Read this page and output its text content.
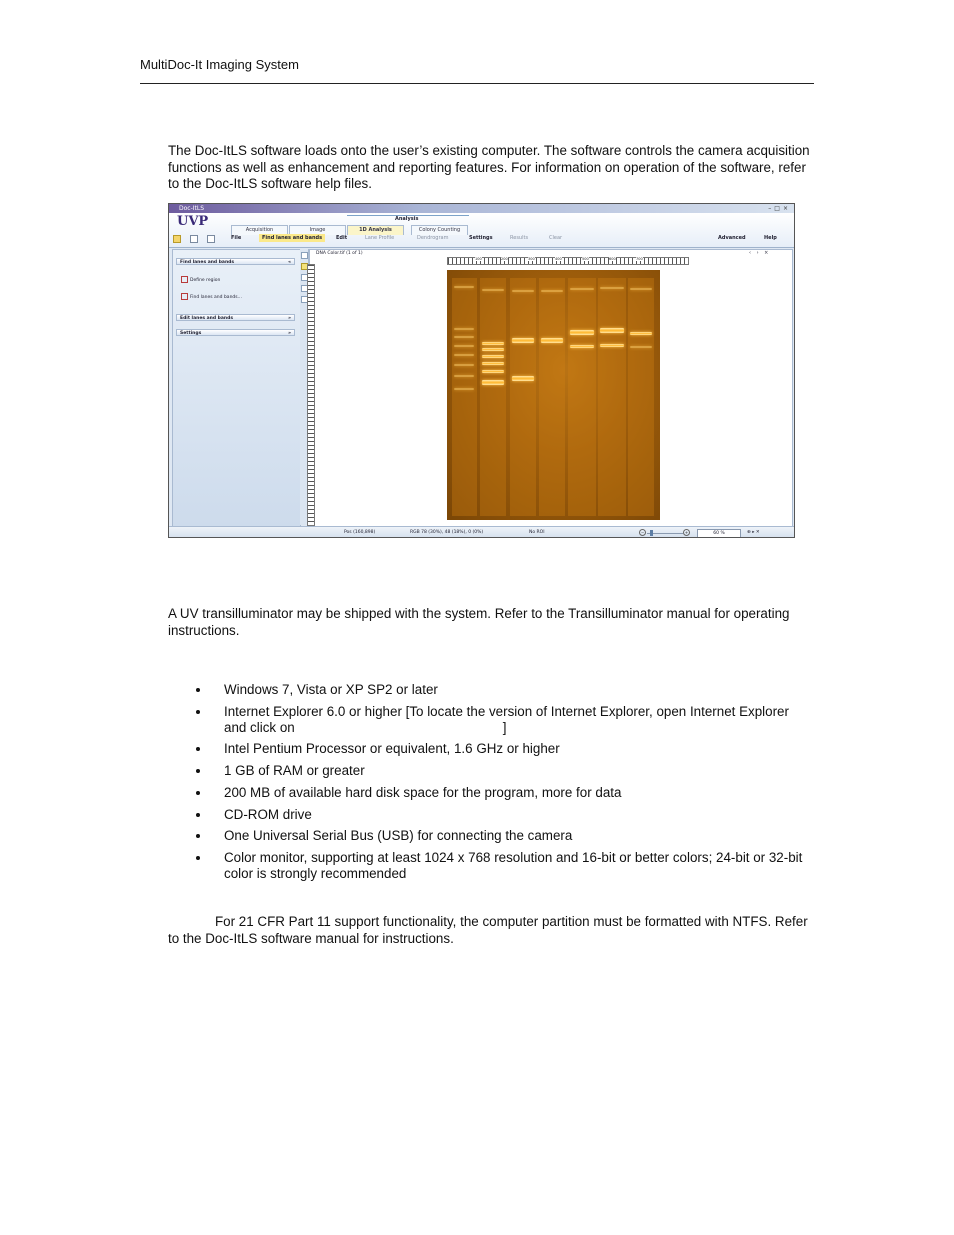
MultiDoc-It Imaging System
The Doc-ItLS software loads onto the user’s existing computer. The software controls the camera acquisition functions as well as enhancement and reporting features. For information on operation of the software, refer to the Doc-ItLS software help files.
Doc-ItLS	–□×
UVP	Analysis
Acquisition	Image	1D Analysis	Colony Counting
File	Find lanes and bands	Edit	Lane Profile	Dendrogram	Settings	Results	Clear	Advanced	Help
Find lanes and bands	«
Define region
Find lanes and bands...
Edit lanes and bands	»
Settings	»
DNA Color.tif (1 of 1)	‹ › ×
100	200	300	400	500	600	700
Pos (160,898)	RGB 78 (30%), 48 (18%), 0 (0%)	No ROI	−	+	60 %	⊕ ▸ ✕
A UV transilluminator may be shipped with the system. Refer to the Transilluminator manual for operating instructions.
Windows 7, Vista or XP SP2 or later
Internet Explorer 6.0 or higher [To locate the version of Internet Explorer, open Internet Explorer and click on	]
Intel Pentium Processor or equivalent, 1.6 GHz or higher
1 GB of RAM or greater
200 MB of available hard disk space for the program, more for data
CD-ROM drive
One Universal Serial Bus (USB) for connecting the camera
Color monitor, supporting at least 1024 x 768 resolution and 16-bit or better colors; 24-bit or 32-bit color is strongly recommended
For 21 CFR Part 11 support functionality, the computer partition must be formatted with NTFS. Refer to the Doc-ItLS software manual for instructions.
